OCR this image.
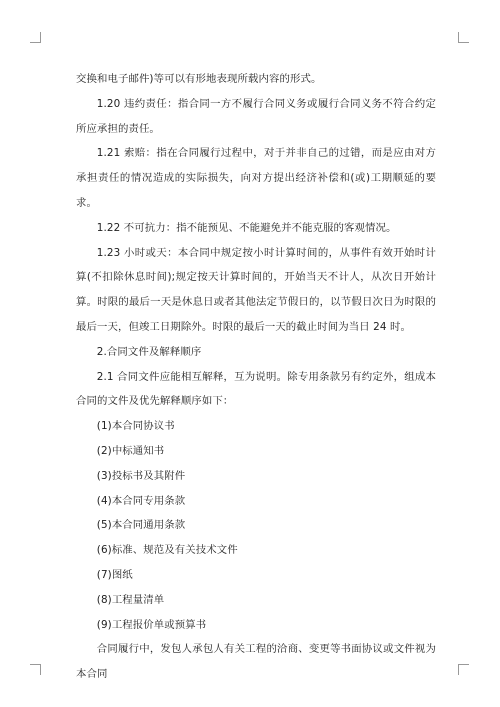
交换和电子邮件)等可以有形地表现所载内容的形式。

1.20 违约责任：指合同一方不履行合同义务或履行合同义务不符合约定所应承担的责任。

1.21 索赔：指在合同履行过程中，对于并非自己的过错，而是应由对方承担责任的情况造成的实际损失，向对方提出经济补偿和(或)工期顺延的要求。

1.22 不可抗力：指不能预见、不能避免并不能克服的客观情况。

1.23 小时或天：本合同中规定按小时计算时间的，从事件有效开始时计算(不扣除休息时间);规定按天计算时间的，开始当天不计人，从次日开始计算。时限的最后一天是休息日或者其他法定节假日的，以节假日次日为时限的最后一天，但竣工日期除外。时限的最后一天的截止时间为当日 24 时。

2.合同文件及解释顺序

2.1 合同文件应能相互解释，互为说明。除专用条款另有约定外，组成本合同的文件及优先解释顺序如下：

(1)本合同协议书

(2)中标通知书

(3)投标书及其附件

(4)本合同专用条款

(5)本合同通用条款

(6)标准、规范及有关技术文件

(7)图纸

(8)工程量清单

(9)工程报价单或预算书

合同履行中，发包人承包人有关工程的洽商、变更等书面协议或文件视为本合同
